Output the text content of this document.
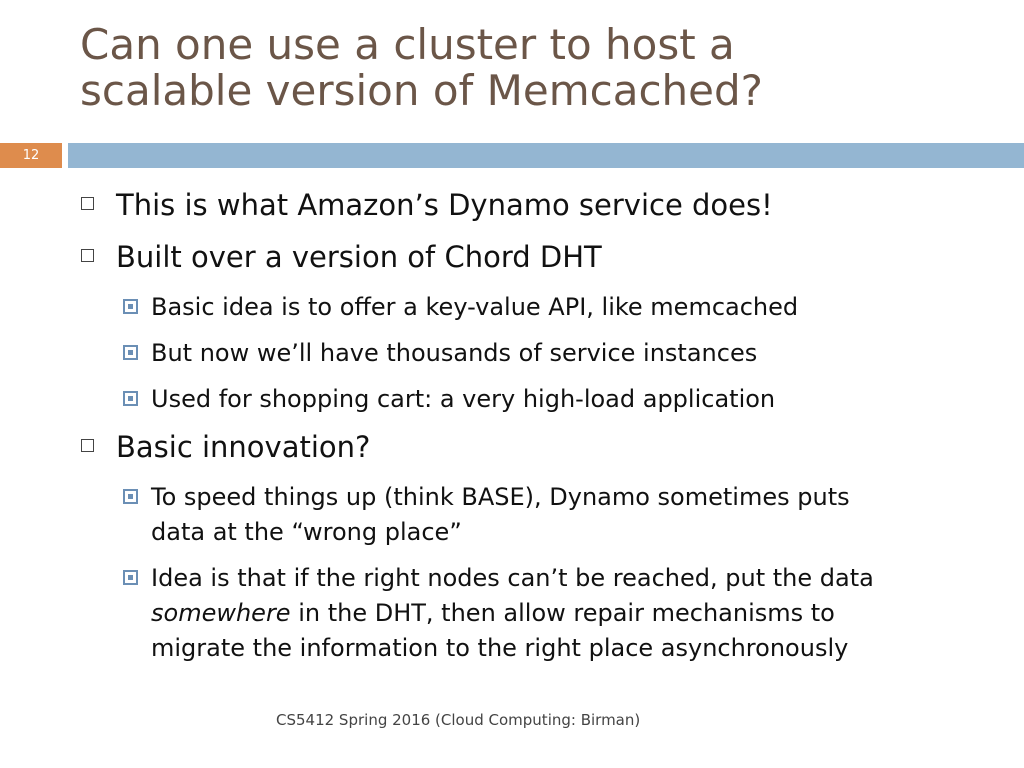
Can one use a cluster to host a
scalable version of Memcached?
12
This is what Amazon’s Dynamo service does!
Built over a version of Chord DHT
Basic idea is to offer a key-value API, like memcached
But now we’ll have thousands of service instances
Used for shopping cart: a very high-load application
Basic innovation?
To speed things up (think BASE), Dynamo sometimes puts
data at the “wrong place”
Idea is that if the right nodes can’t be reached, put the data
somewhere in the DHT, then allow repair mechanisms to
migrate the information to the right place asynchronously
CS5412 Spring 2016 (Cloud Computing: Birman)
